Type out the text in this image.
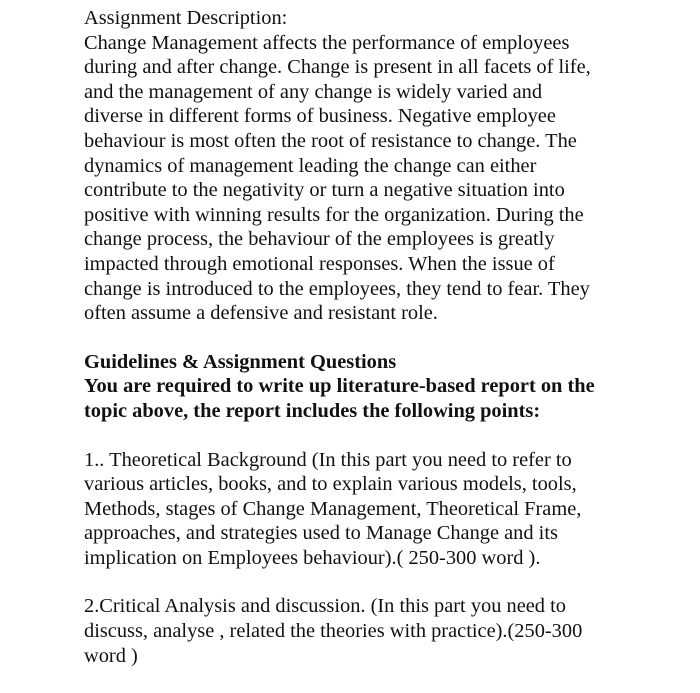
Assignment Description:
Change Management affects the performance of employees
during and after change. Change is present in all facets of life,
and the management of any change is widely varied and
diverse in different forms of business. Negative employee
behaviour is most often the root of resistance to change. The
dynamics of management leading the change can either
contribute to the negativity or turn a negative situation into
positive with winning results for the organization. During the
change process, the behaviour of the employees is greatly
impacted through emotional responses. When the issue of
change is introduced to the employees, they tend to fear. They
often assume a defensive and resistant role.
Guidelines & Assignment Questions
You are required to write up literature-based report on the
topic above, the report includes the following points:
1.. Theoretical Background (In this part you need to refer to
various articles, books, and to explain various models, tools,
Methods, stages of Change Management, Theoretical Frame,
approaches, and strategies used to Manage Change and its
implication on Employees behaviour).( 250-300 word ).
2.Critical Analysis and discussion. (In this part you need to
discuss, analyse , related the theories with practice).(250-300
word )
